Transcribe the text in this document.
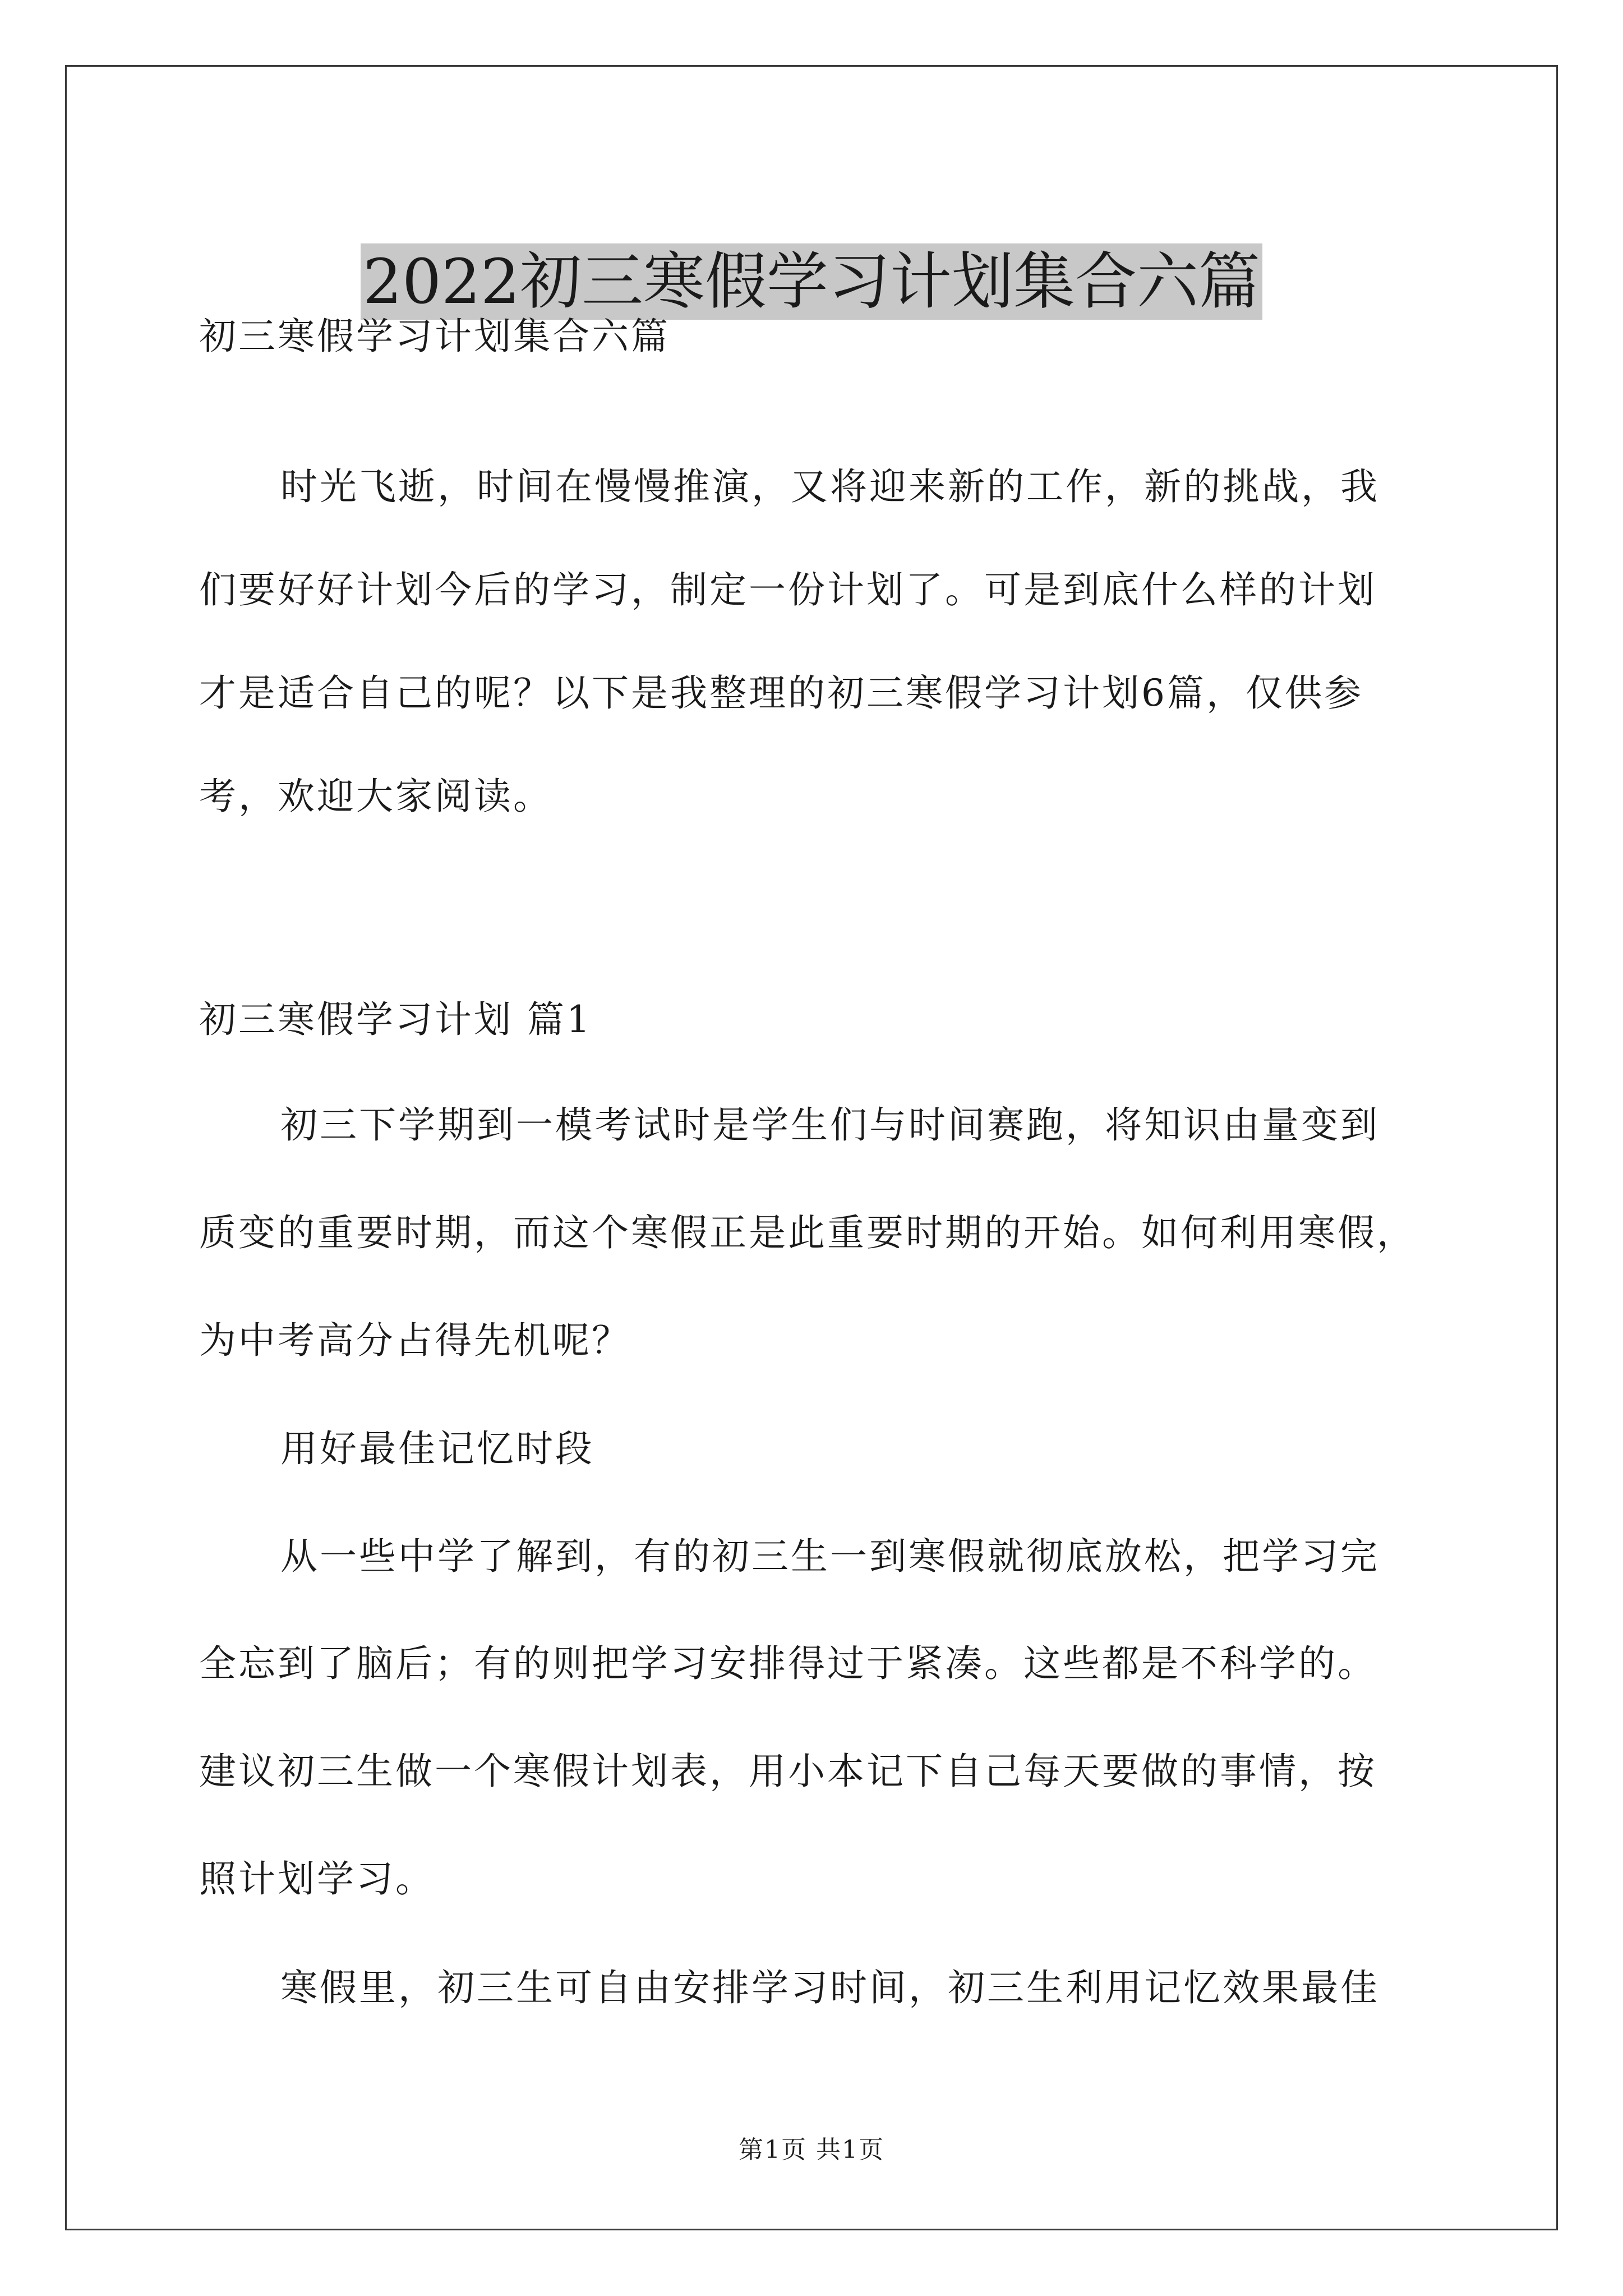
2022初三寒假学习计划集合六篇

初三寒假学习计划集合六篇

时光飞逝，时间在慢慢推演，又将迎来新的工作，新的挑战，我

们要好好计划今后的学习，制定一份计划了。可是到底什么样的计划

才是适合自己的呢？以下是我整理的初三寒假学习计划6篇，仅供参

考，欢迎大家阅读。

初三寒假学习计划 篇1

初三下学期到一模考试时是学生们与时间赛跑，将知识由量变到

质变的重要时期，而这个寒假正是此重要时期的开始。如何利用寒假，

为中考高分占得先机呢？

用好最佳记忆时段

从一些中学了解到，有的初三生一到寒假就彻底放松，把学习完

全忘到了脑后；有的则把学习安排得过于紧凑。这些都是不科学的。

建议初三生做一个寒假计划表，用小本记下自己每天要做的事情，按

照计划学习。

寒假里，初三生可自由安排学习时间，初三生利用记忆效果最佳

第1页 共1页
